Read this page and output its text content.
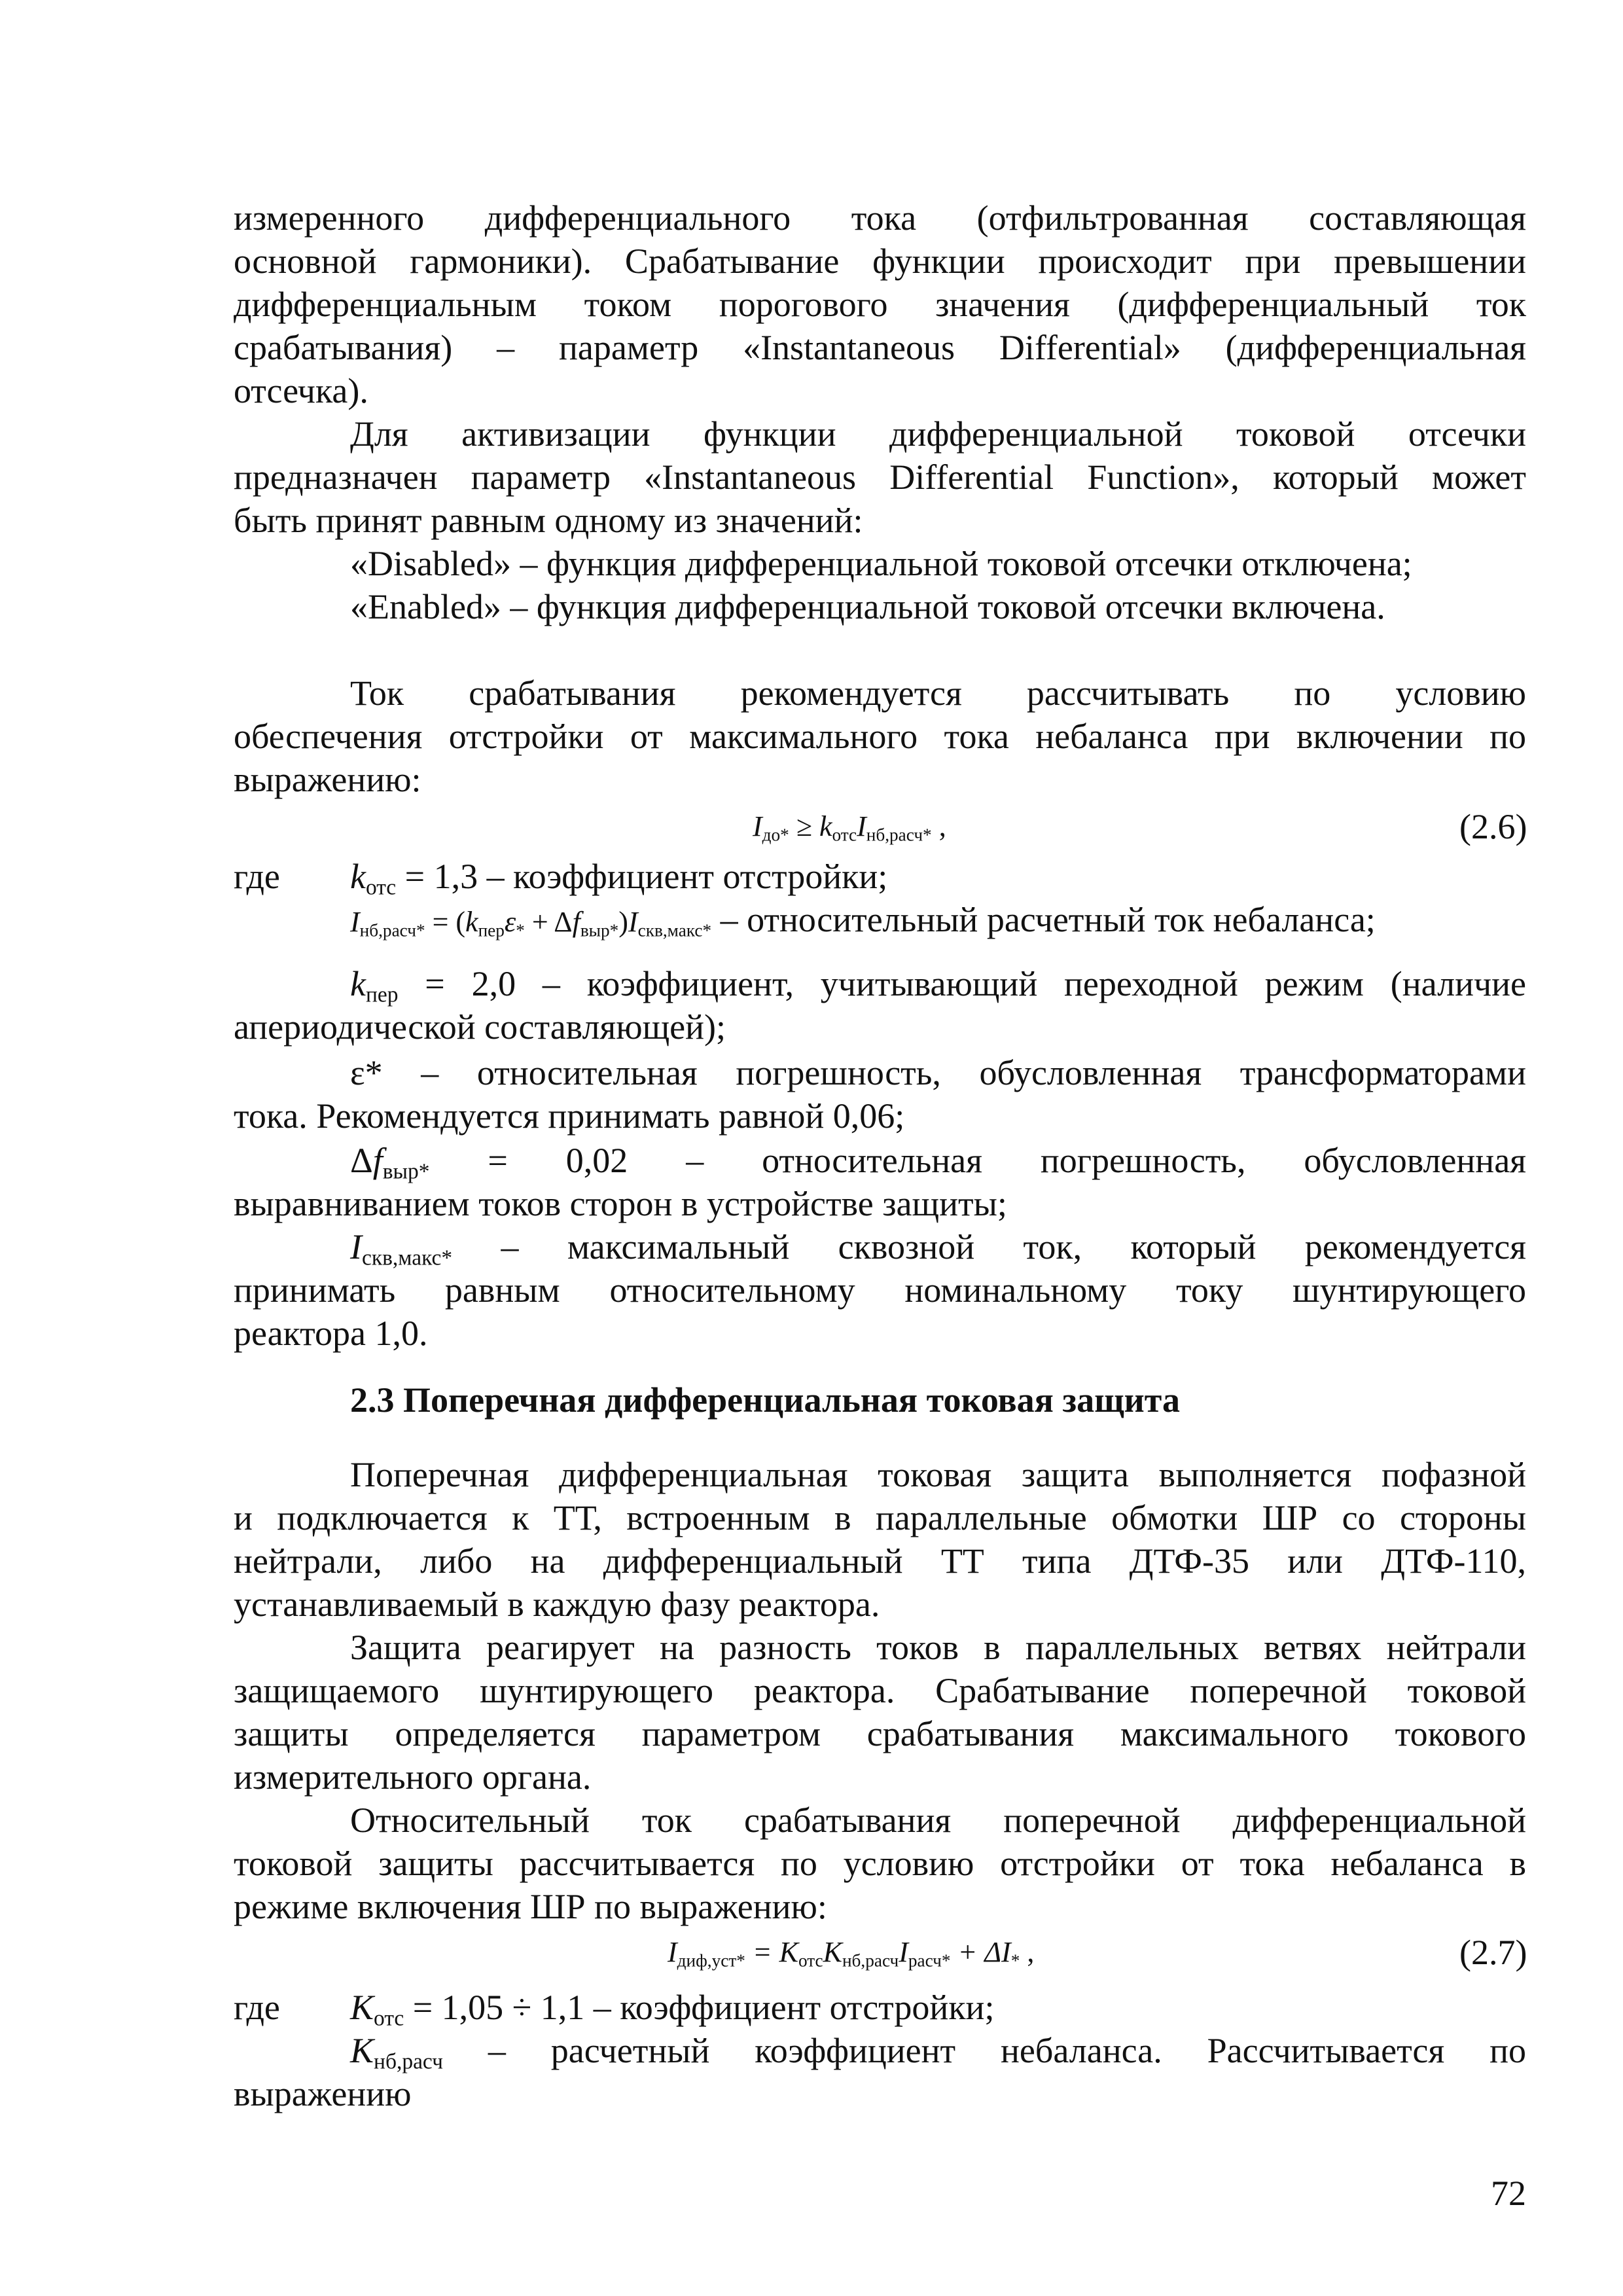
измеренного дифференциального тока (отфильтрованная составляющая
основной гармоники). Срабатывание функции происходит при превышении
дифференциальным током порогового значения (дифференциальный ток
срабатывания) – параметр «Instantaneous Differential» (дифференциальная
отсечка).
Для активизации функции дифференциальной токовой отсечки
предназначен параметр «Instantaneous Differential Function», который может
быть принят равным одному из значений:
«Disabled» – функция дифференциальной токовой отсечки отключена;
«Enabled» – функция дифференциальной токовой отсечки включена.
Ток срабатывания рекомендуется рассчитывать по условию
обеспечения отстройки от максимального тока небаланса при включении по
выражению:
$I_{до*} \ge k_{отс}I_{нб,расч*}$ ,	(2.6)
где $k_{отс} = 1,3$ – коэффициент отстройки;
$I_{нб,расч*} = (k_{пер}\varepsilon_* + \Delta f_{выр*})I_{скв,макс*}$ – относительный расчетный ток небаланса;
$k_{пер} = 2,0$ – коэффициент, учитывающий переходной режим (наличие
апериодической составляющей);
ε* – относительная погрешность, обусловленная трансформаторами
тока. Рекомендуется принимать равной 0,06;
$\Delta f_{выр*} = 0,02$ – относительная погрешность, обусловленная
выравниванием токов сторон в устройстве защиты;
$I_{скв,макс*}$ – максимальный сквозной ток, который рекомендуется
принимать равным относительному номинальному току шунтирующего
реактора 1,0.
2.3 Поперечная дифференциальная токовая защита
Поперечная дифференциальная токовая защита выполняется пофазной
и подключается к ТТ, встроенным в параллельные обмотки ШР со стороны
нейтрали, либо на дифференциальный ТТ типа ДТФ-35 или ДТФ-110,
устанавливаемый в каждую фазу реактора.
Защита реагирует на разность токов в параллельных ветвях нейтрали
защищаемого шунтирующего реактора. Срабатывание поперечной токовой
защиты определяется параметром срабатывания максимального токового
измерительного органа.
Относительный ток срабатывания поперечной дифференциальной
токовой защиты рассчитывается по условию отстройки от тока небаланса в
режиме включения ШР по выражению:
$I_{диф,уст*} = K_{отс}K_{нб,расч}I_{расч*} + \Delta I_*$ ,	(2.7)
где $K_{отс} = 1,05 \div 1,1$ – коэффициент отстройки;
$K_{нб,расч}$ – расчетный коэффициент небаланса. Рассчитывается по
выражению
72
